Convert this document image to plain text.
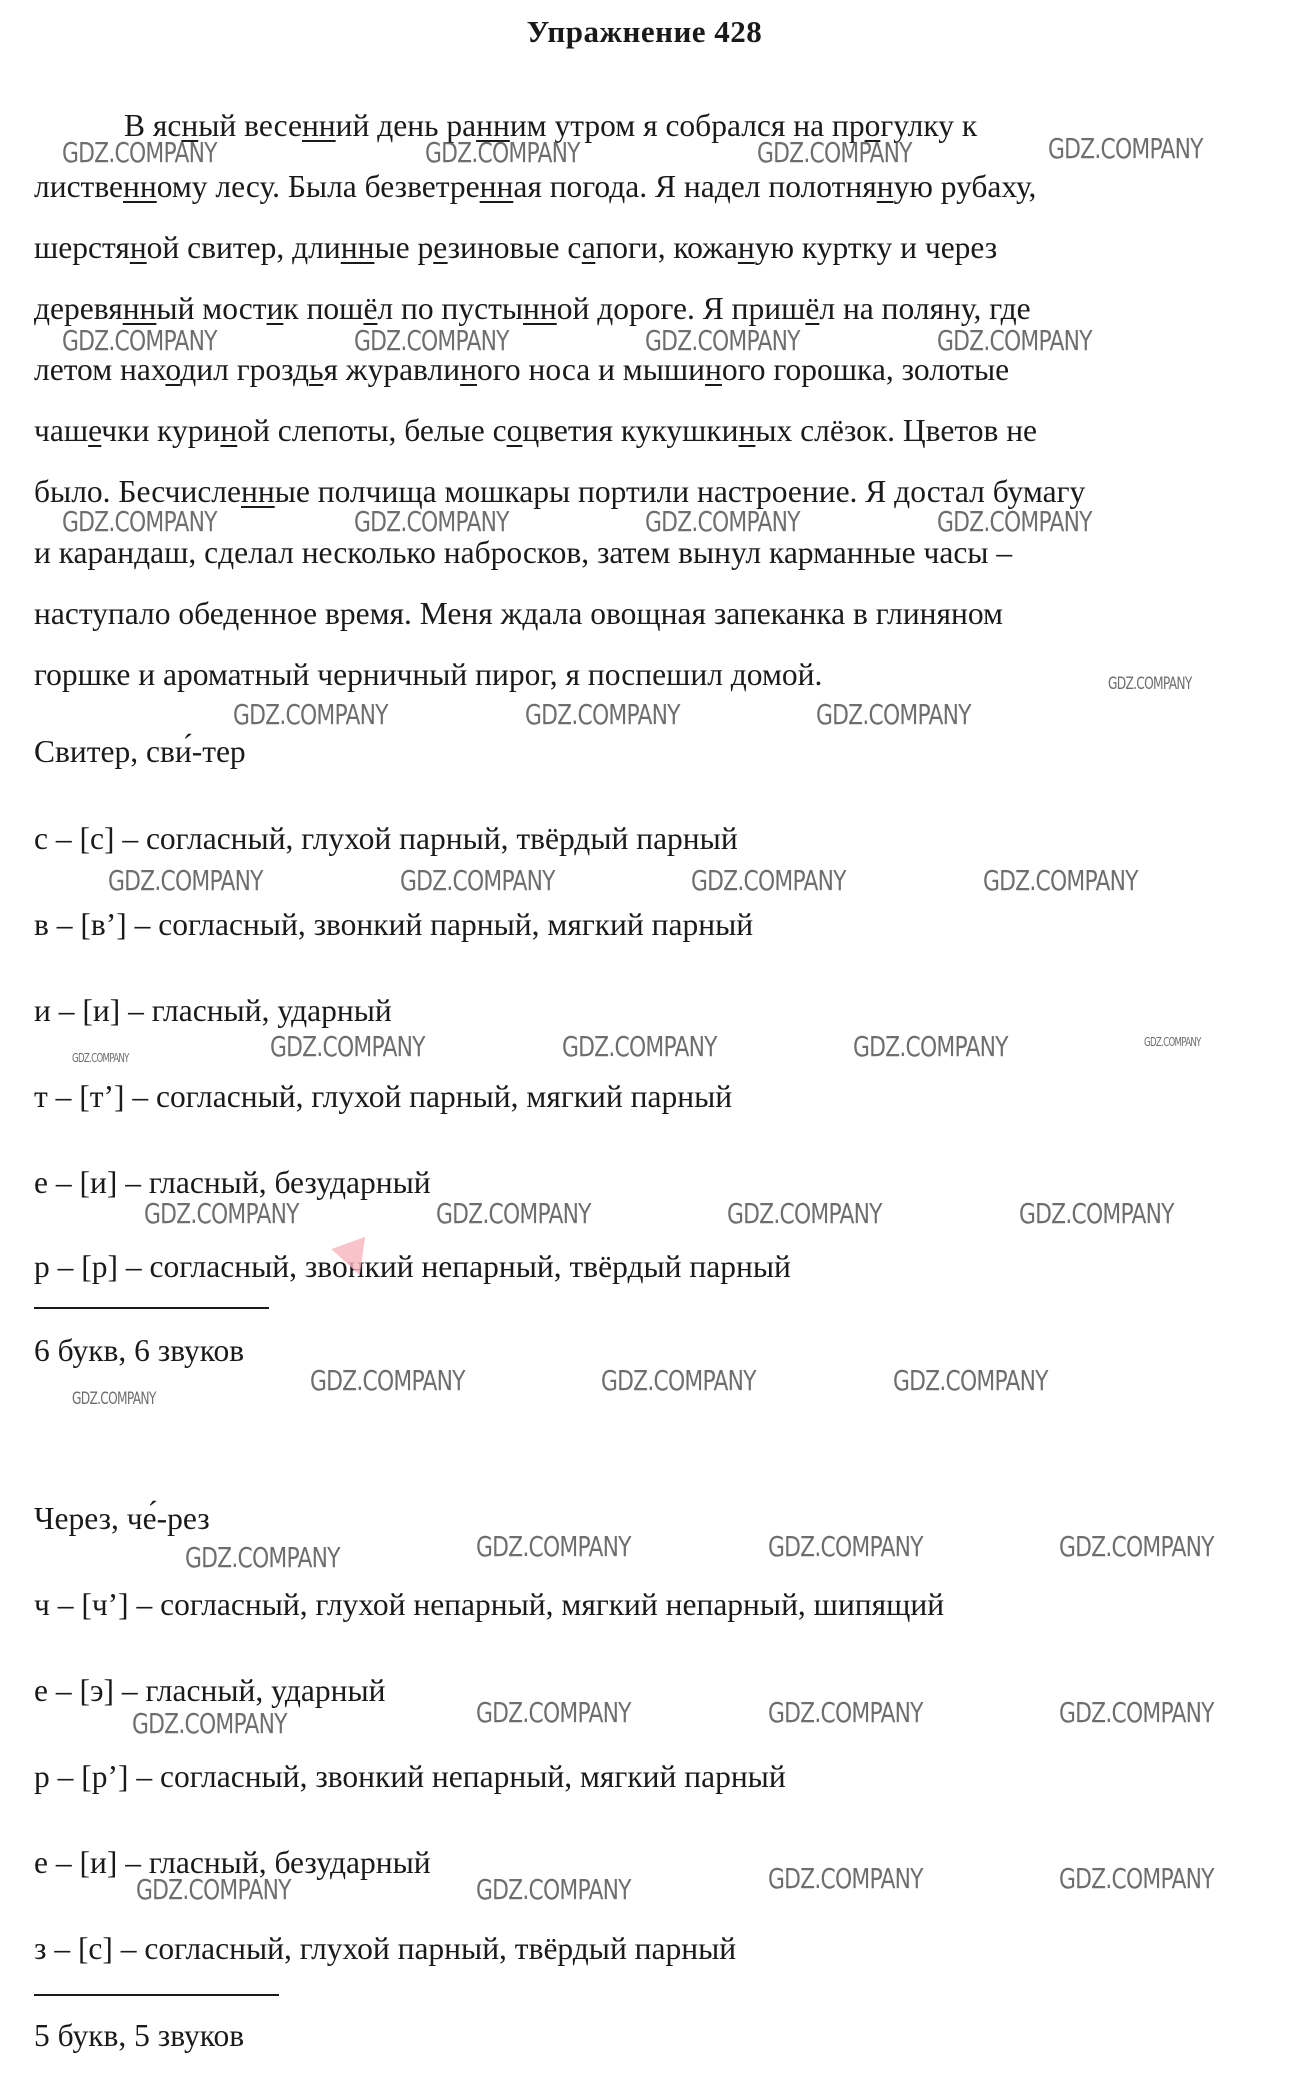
Упражнение 428
В ясный весенний день ранним утром я собрался на прогулку к
лиственному лесу. Была безветренная погода. Я надел полотняную рубаху,
шерстяной свитер, длинные резиновые сапоги, кожаную куртку и через
деревянный мостик пошёл по пустынной дороге. Я пришёл на поляну, где
летом находил гроздья журавлиного носа и мышиного горошка, золотые
чашечки куриной слепоты, белые соцветия кукушкиных слёзок. Цветов не
было. Бесчисленные полчища мошкары портили настроение. Я достал бумагу
и карандаш, сделал несколько набросков, затем вынул карманные часы –
наступало обеденное время. Меня ждала овощная запеканка в глиняном
горшке и ароматный черничный пирог, я поспешил домой.
Свитер, сви́-тер
с – [с] – согласный, глухой парный, твёрдый парный
в – [в’] – согласный, звонкий парный, мягкий парный
и – [и] – гласный, ударный
т – [т’] – согласный, глухой парный, мягкий парный
е – [и] – гласный, безударный
р – [р] – согласный, звонкий непарный, твёрдый парный
6 букв, 6 звуков
Через, че́-рез
ч – [ч’] – согласный, глухой непарный, мягкий непарный, шипящий
е – [э] – гласный, ударный
р – [р’] – согласный, звонкий непарный, мягкий парный
е – [и] – гласный, безударный
з – [с] – согласный, глухой парный, твёрдый парный
5 букв, 5 звуков
GDZ.COMPANY	GDZ.COMPANY	GDZ.COMPANY	GDZ.COMPANY
GDZ.COMPANY	GDZ.COMPANY	GDZ.COMPANY	GDZ.COMPANY
GDZ.COMPANY	GDZ.COMPANY	GDZ.COMPANY	GDZ.COMPANY
GDZ.COMPANY
GDZ.COMPANY	GDZ.COMPANY	GDZ.COMPANY
GDZ.COMPANY	GDZ.COMPANY	GDZ.COMPANY	GDZ.COMPANY
GDZ.COMPANY	GDZ.COMPANY	GDZ.COMPANY	GDZ.COMPANY	GDZ.COMPANY
GDZ.COMPANY	GDZ.COMPANY	GDZ.COMPANY	GDZ.COMPANY
GDZ.COMPANY
GDZ.COMPANY	GDZ.COMPANY	GDZ.COMPANY
GDZ.COMPANY	GDZ.COMPANY	GDZ.COMPANY	GDZ.COMPANY
GDZ.COMPANY	GDZ.COMPANY	GDZ.COMPANY	GDZ.COMPANY
GDZ.COMPANY	GDZ.COMPANY	GDZ.COMPANY	GDZ.COMPANY
